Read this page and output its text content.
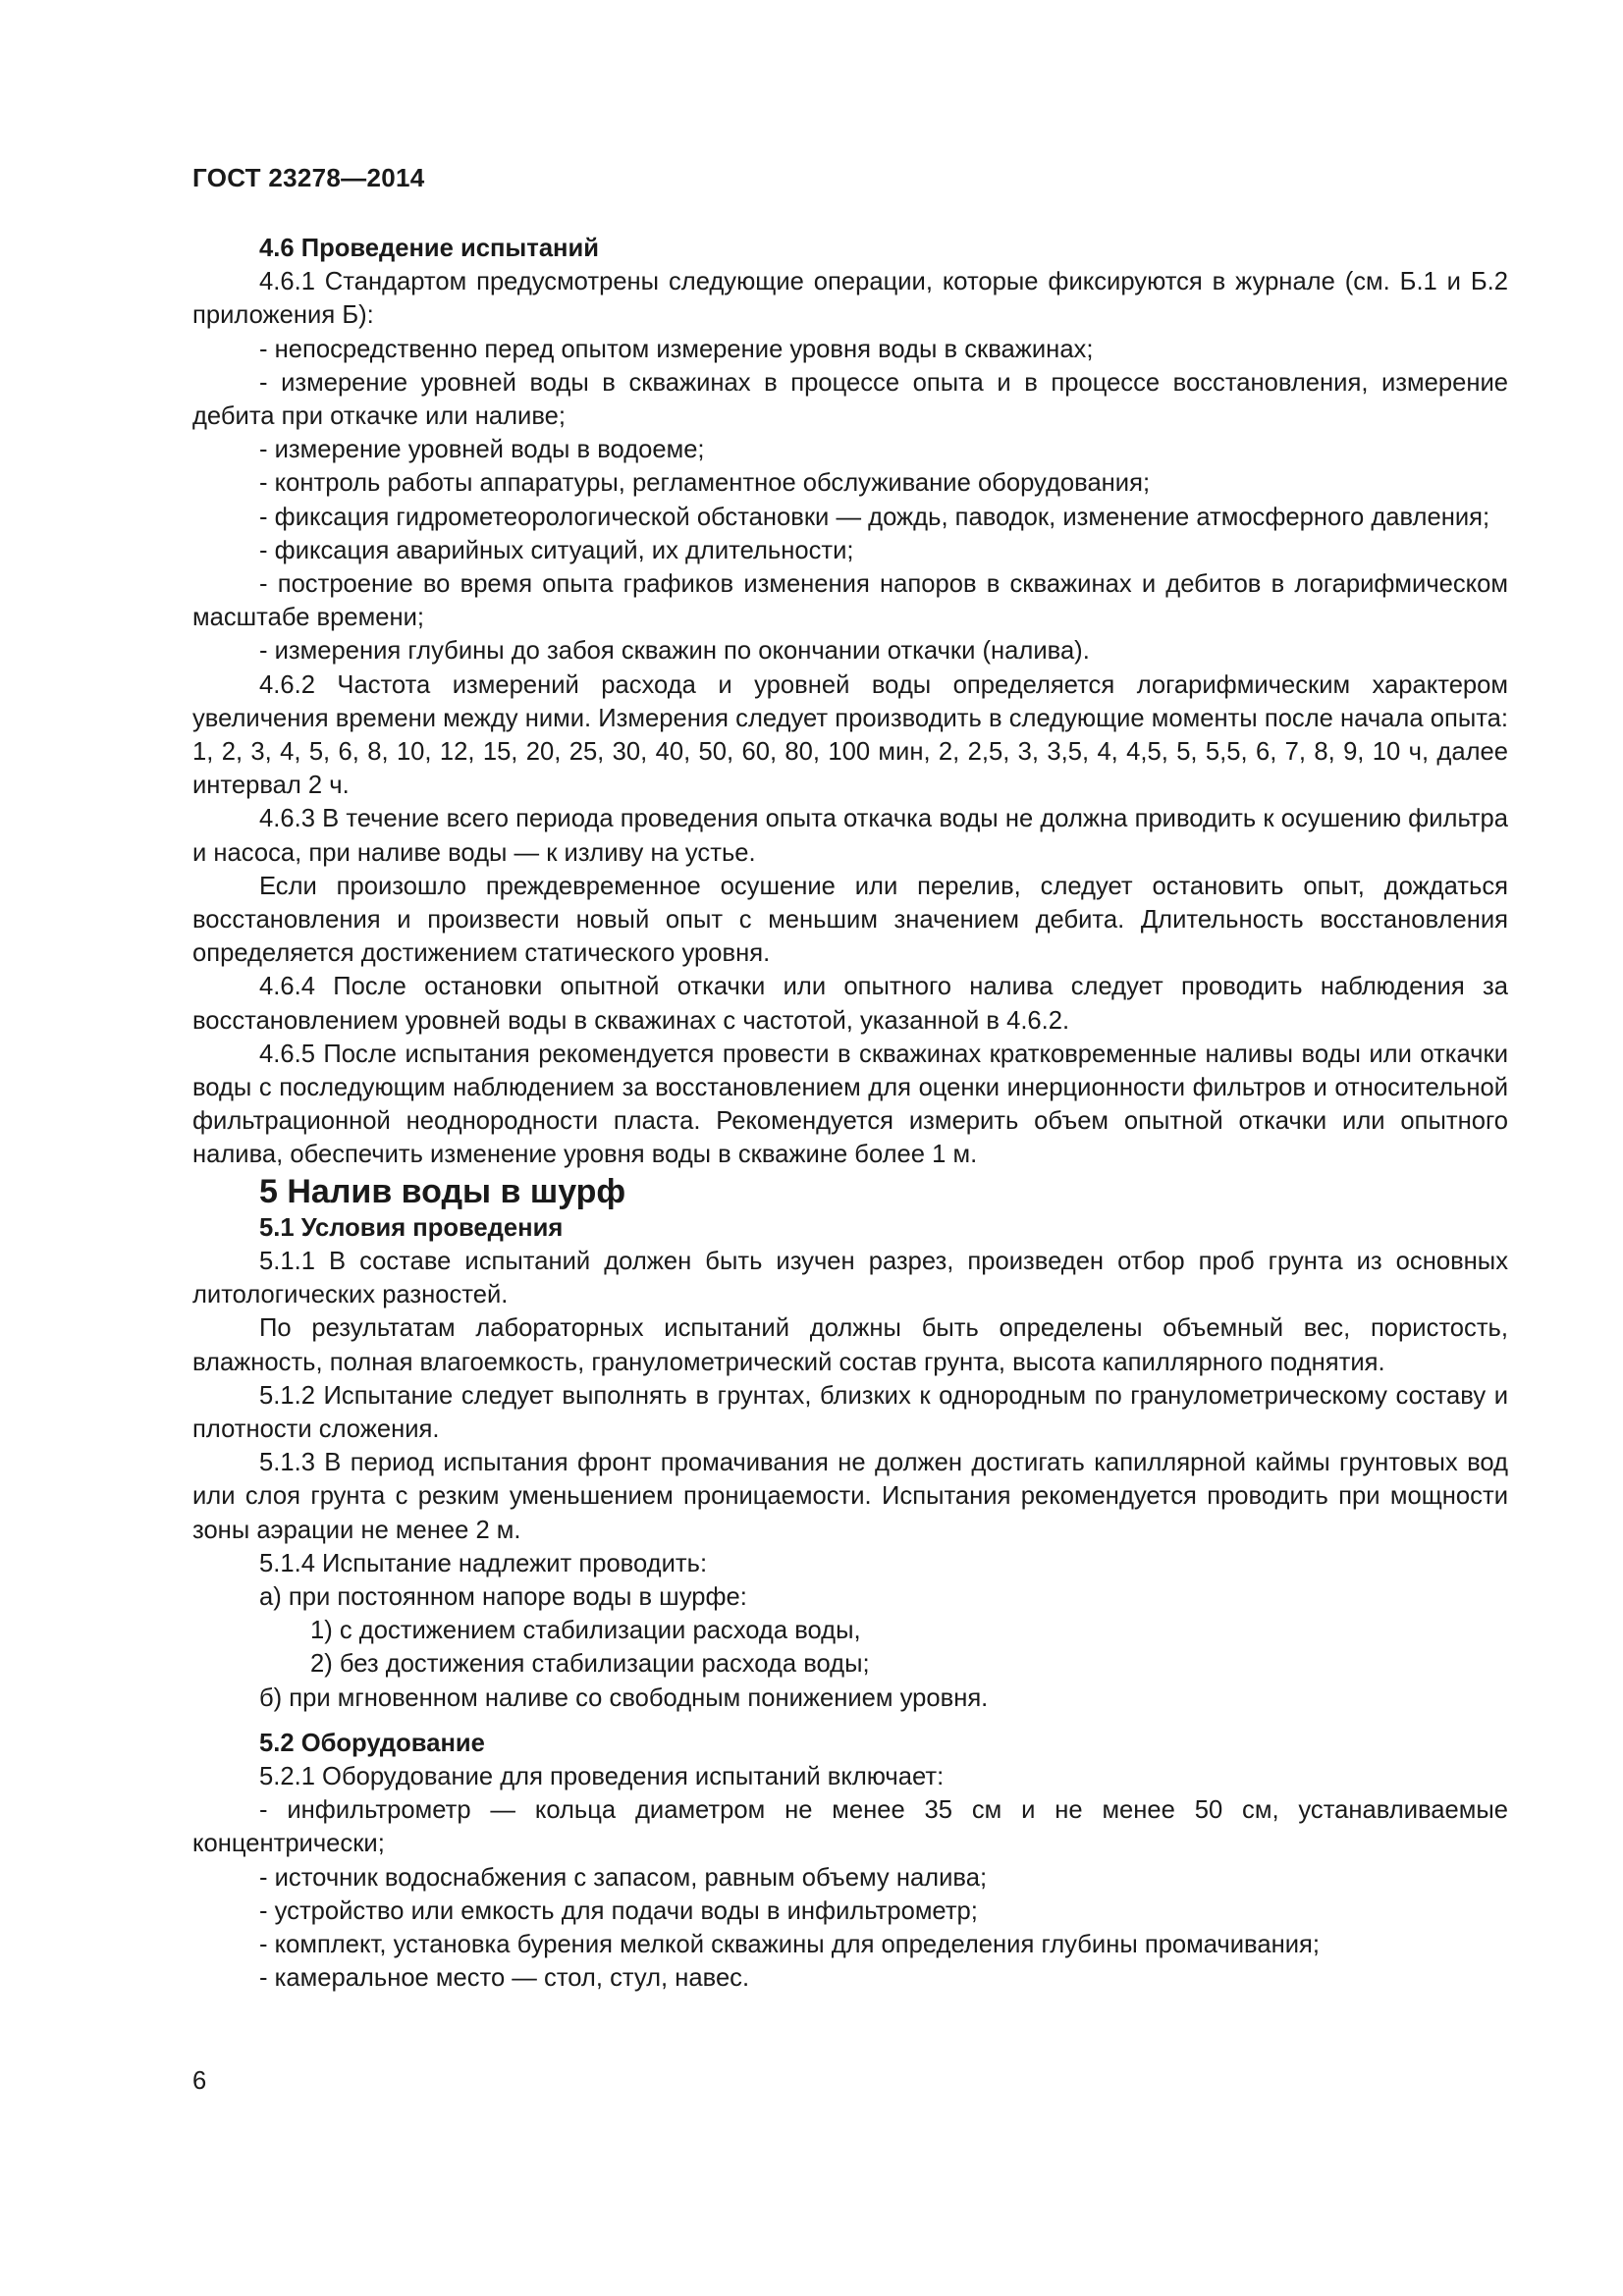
ГОСТ 23278—2014

4.6 Проведение испытаний

4.6.1 Стандартом предусмотрены следующие операции, которые фиксируются в журнале (см. Б.1 и Б.2 приложения Б):

- непосредственно перед опытом измерение уровня воды в скважинах;

- измерение уровней воды в скважинах в процессе опыта и в процессе восстановления, измерение дебита при откачке или наливе;

- измерение уровней воды в водоеме;

- контроль работы аппаратуры, регламентное обслуживание оборудования;

- фиксация гидрометеорологической обстановки — дождь, паводок, изменение атмосферного давления;

- фиксация аварийных ситуаций, их длительности;

- построение во время опыта графиков изменения напоров в скважинах и дебитов в логарифмическом масштабе времени;

- измерения глубины до забоя скважин по окончании откачки (налива).

4.6.2 Частота измерений расхода и уровней воды определяется логарифмическим характером увеличения времени между ними. Измерения следует производить в следующие моменты после начала опыта: 1, 2, 3, 4, 5, 6, 8, 10, 12, 15, 20, 25, 30, 40, 50, 60, 80, 100 мин, 2, 2,5, 3, 3,5, 4, 4,5, 5, 5,5, 6, 7, 8, 9, 10 ч, далее интервал 2 ч.

4.6.3 В течение всего периода проведения опыта откачка воды не должна приводить к осушению фильтра и насоса, при наливе воды — к изливу на устье.

Если произошло преждевременное осушение или перелив, следует остановить опыт, дождаться восстановления и произвести новый опыт с меньшим значением дебита. Длительность восстановления определяется достижением статического уровня.

4.6.4 После остановки опытной откачки или опытного налива следует проводить наблюдения за восстановлением уровней воды в скважинах с частотой, указанной в 4.6.2.

4.6.5 После испытания рекомендуется провести в скважинах кратковременные наливы воды или откачки воды с последующим наблюдением за восстановлением для оценки инерционности фильтров и относительной фильтрационной неоднородности пласта. Рекомендуется измерить объем опытной откачки или опытного налива, обеспечить изменение уровня воды в скважине более 1 м.

5 Налив воды в шурф

5.1 Условия проведения

5.1.1 В составе испытаний должен быть изучен разрез, произведен отбор проб грунта из основных литологических разностей.

По результатам лабораторных испытаний должны быть определены объемный вес, пористость, влажность, полная влагоемкость, гранулометрический состав грунта, высота капиллярного поднятия.

5.1.2 Испытание следует выполнять в грунтах, близких к однородным по гранулометрическому составу и плотности сложения.

5.1.3 В период испытания фронт промачивания не должен достигать капиллярной каймы грунтовых вод или слоя грунта с резким уменьшением проницаемости. Испытания рекомендуется проводить при мощности зоны аэрации не менее 2 м.

5.1.4 Испытание надлежит проводить:

а) при постоянном напоре воды в шурфе:

1) с достижением стабилизации расхода воды,

2) без достижения стабилизации расхода воды;

б) при мгновенном наливе со свободным понижением уровня.

5.2 Оборудование

5.2.1 Оборудование для проведения испытаний включает:

- инфильтрометр — кольца диаметром не менее 35 см и не менее 50 см, устанавливаемые концентрически;

- источник водоснабжения с запасом, равным объему налива;

- устройство или емкость для подачи воды в инфильтрометр;

- комплект, установка бурения мелкой скважины для определения глубины промачивания;

- камеральное место — стол, стул, навес.

6
